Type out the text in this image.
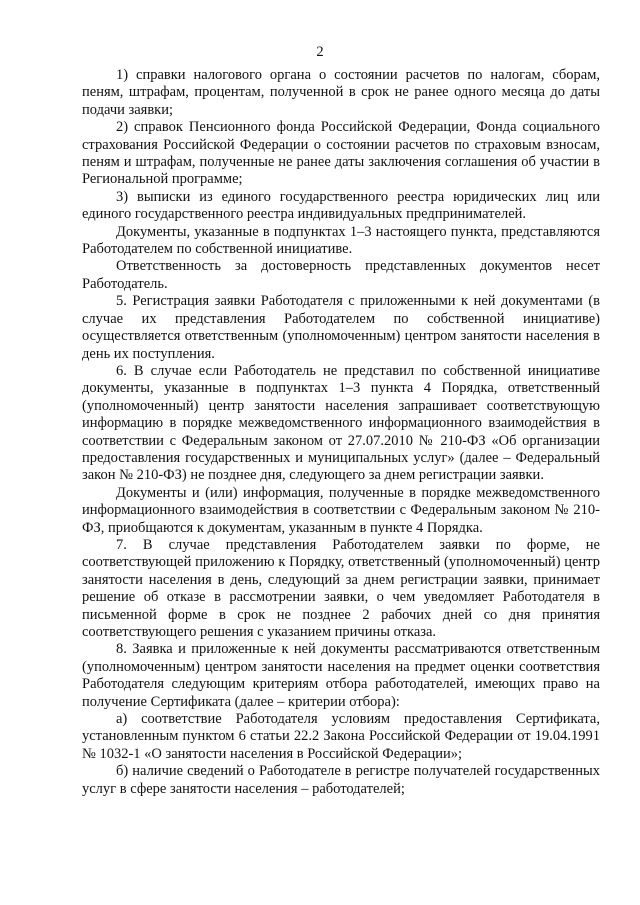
2

1) справки налогового органа о состоянии расчетов по налогам, сборам, пеням, штрафам, процентам, полученной в срок не ранее одного месяца до даты подачи заявки;

2) справок Пенсионного фонда Российской Федерации, Фонда социального страхования Российской Федерации о состоянии расчетов по страховым взносам, пеням и штрафам, полученные не ранее даты заключения соглашения об участии в Региональной программе;

3) выписки из единого государственного реестра юридических лиц или единого государственного реестра индивидуальных предпринимателей.

Документы, указанные в подпунктах 1–3 настоящего пункта, представляются Работодателем по собственной инициативе.

Ответственность за достоверность представленных документов несет Работодатель.

5. Регистрация заявки Работодателя с приложенными к ней документами (в случае их представления Работодателем по собственной инициативе) осуществляется ответственным (уполномоченным) центром занятости населения в день их поступления.

6. В случае если Работодатель не представил по собственной инициативе документы, указанные в подпунктах 1–3 пункта 4 Порядка, ответственный (уполномоченный) центр занятости населения запрашивает соответствующую информацию в порядке межведомственного информационного взаимодействия в соответствии с Федеральным законом от 27.07.2010 № 210-ФЗ «Об организации предоставления государственных и муниципальных услуг» (далее – Федеральный закон № 210-ФЗ) не позднее дня, следующего за днем регистрации заявки.

Документы и (или) информация, полученные в порядке межведомственного информационного взаимодействия в соответствии с Федеральным законом № 210-ФЗ, приобщаются к документам, указанным в пункте 4 Порядка.

7. В случае представления Работодателем заявки по форме, не соответствующей приложению к Порядку, ответственный (уполномоченный) центр занятости населения в день, следующий за днем регистрации заявки, принимает решение об отказе в рассмотрении заявки, о чем уведомляет Работодателя в письменной форме в срок не позднее 2 рабочих дней со дня принятия соответствующего решения с указанием причины отказа.

8. Заявка и приложенные к ней документы рассматриваются ответственным (уполномоченным) центром занятости населения на предмет оценки соответствия Работодателя следующим критериям отбора работодателей, имеющих право на получение Сертификата (далее – критерии отбора):

а) соответствие Работодателя условиям предоставления Сертификата, установленным пунктом 6 статьи 22.2 Закона Российской Федерации от 19.04.1991 № 1032-1 «О занятости населения в Российской Федерации»;

б) наличие сведений о Работодателе в регистре получателей государственных услуг в сфере занятости населения – работодателей;
